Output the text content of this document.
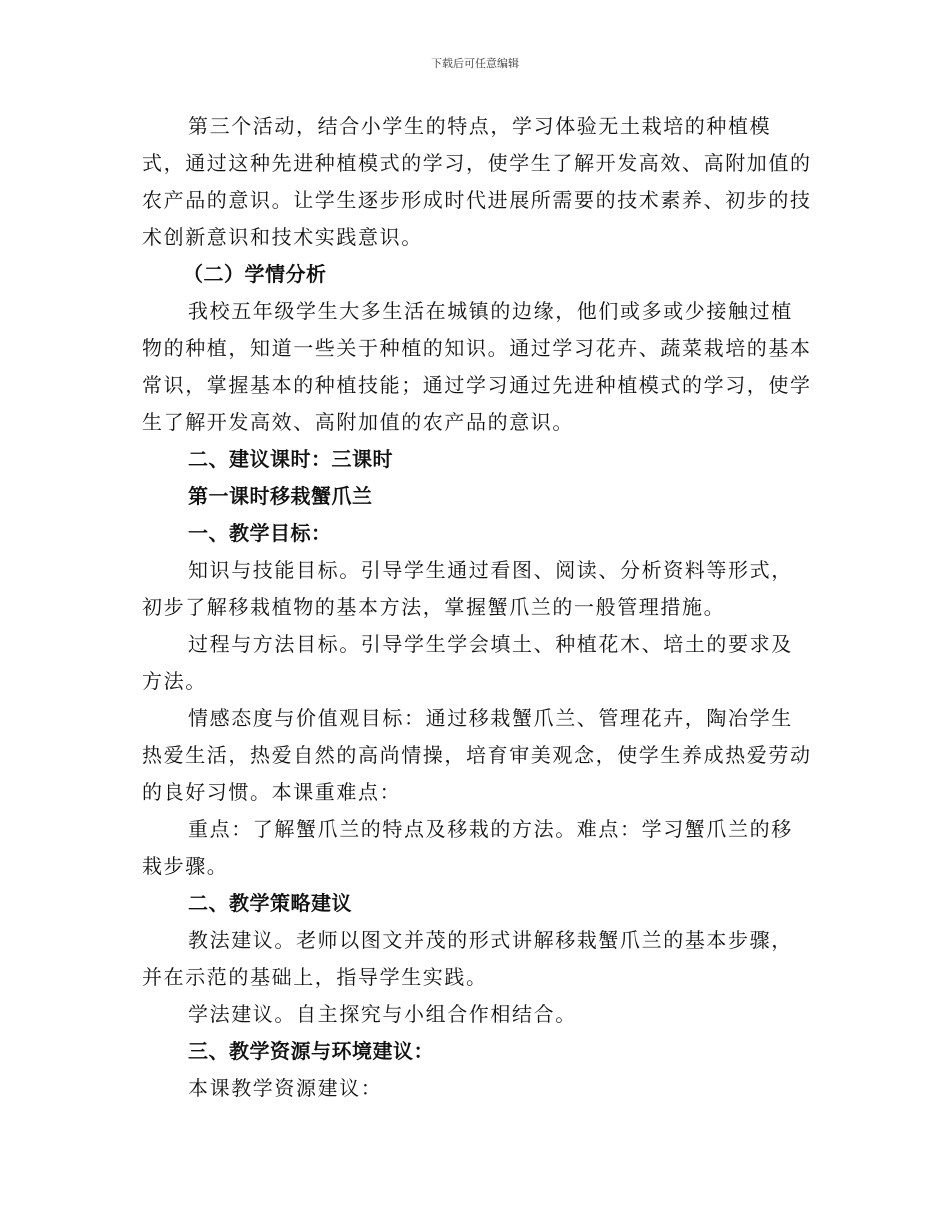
下载后可任意编辑

第三个活动，结合小学生的特点，学习体验无土栽培的种植模式，通过这种先进种植模式的学习，使学生了解开发高效、高附加值的农产品的意识。让学生逐步形成时代进展所需要的技术素养、初步的技术创新意识和技术实践意识。

（二）学情分析

我校五年级学生大多生活在城镇的边缘，他们或多或少接触过植物的种植，知道一些关于种植的知识。通过学习花卉、蔬菜栽培的基本常识，掌握基本的种植技能；通过学习通过先进种植模式的学习，使学生了解开发高效、高附加值的农产品的意识。

二、建议课时：三课时

第一课时移栽蟹爪兰

一、教学目标：

知识与技能目标。引导学生通过看图、阅读、分析资料等形式，初步了解移栽植物的基本方法，掌握蟹爪兰的一般管理措施。

过程与方法目标。引导学生学会填土、种植花木、培土的要求及方法。

情感态度与价值观目标：通过移栽蟹爪兰、管理花卉，陶冶学生热爱生活，热爱自然的高尚情操，培育审美观念，使学生养成热爱劳动的良好习惯。本课重难点：

重点：了解蟹爪兰的特点及移栽的方法。难点：学习蟹爪兰的移栽步骤。

二、教学策略建议

教法建议。老师以图文并茂的形式讲解移栽蟹爪兰的基本步骤，并在示范的基础上，指导学生实践。

学法建议。自主探究与小组合作相结合。

三、教学资源与环境建议：

本课教学资源建议：
